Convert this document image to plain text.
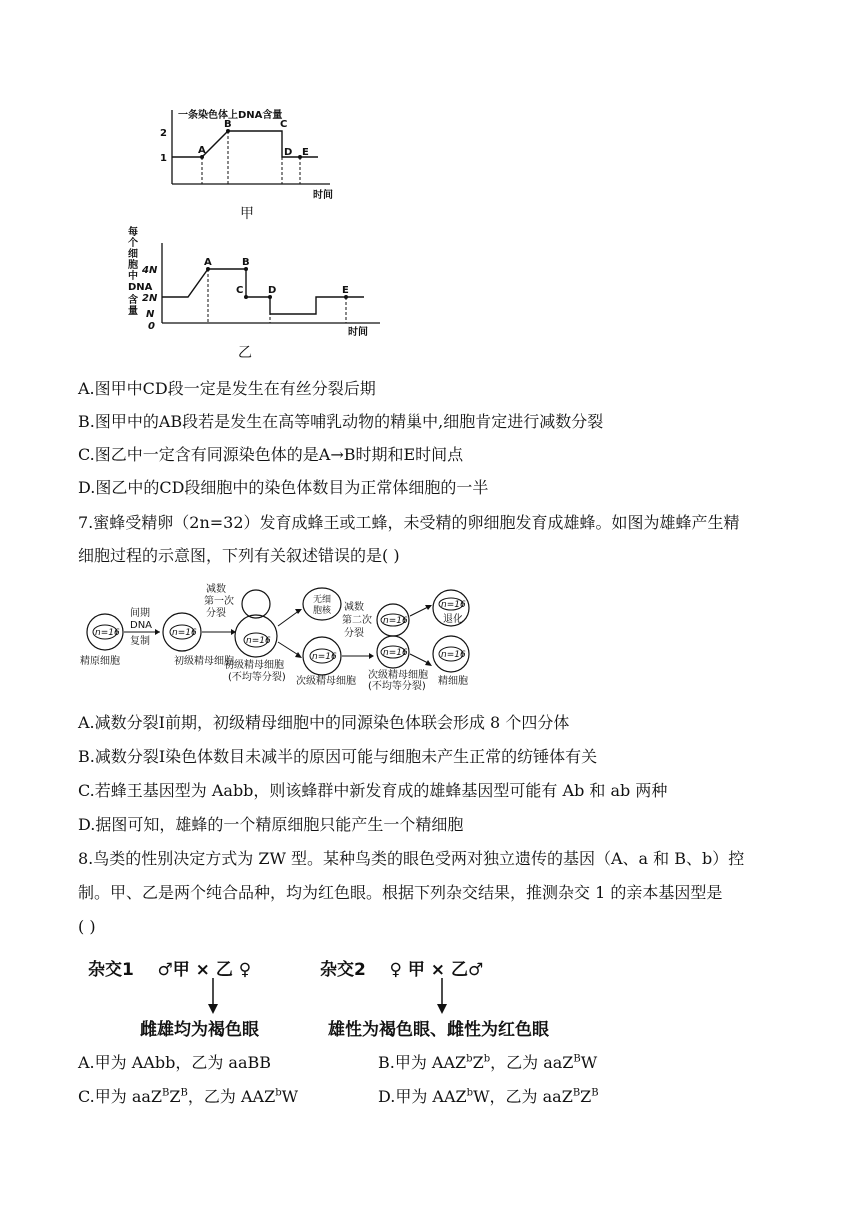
一条染色体上DNA含量
1
2
A
B	C
D E
时间
甲
每个细胞中 DNA 含量
4N
2N
N
0
A	B
C D	E
时间
乙
A.图甲中CD段一定是发生在有丝分裂后期
B.图甲中的AB段若是发生在高等哺乳动物的精巢中,细胞肯定进行减数分裂
C.图乙中一定含有同源染色体的是A→B时期和E时间点
D.图乙中的CD段细胞中的染色体数目为正常体细胞的一半
7.蜜蜂受精卵（2n=32）发育成蜂王或工蜂，未受精的卵细胞发育成雄蜂。如图为雄蜂产生精
细胞过程的示意图，下列有关叙述错误的是( )
n=16
精原细胞
间期
DNA
复制
n=16
初级精母细胞
减数
第一次
分裂
n=16
初级精母细胞
(不均等分裂)
无细
胞核
n=16
次级精母细胞
减数
第二次
分裂
n=16
n=16
次级精母细胞
(不均等分裂)
n=16
退化
n=16
精细胞
A.减数分裂Ⅰ前期，初级精母细胞中的同源染色体联会形成 8 个四分体
B.减数分裂Ⅰ染色体数目未减半的原因可能与细胞未产生正常的纺锤体有关
C.若蜂王基因型为 Aabb，则该蜂群中新发育成的雄蜂基因型可能有 Ab 和 ab 两种
D.据图可知，雄蜂的一个精原细胞只能产生一个精细胞
8.鸟类的性别决定方式为 ZW 型。某种鸟类的眼色受两对独立遗传的基因（A、a 和 B、b）控
制。甲、乙是两个纯合品种，均为红色眼。根据下列杂交结果，推测杂交 1 的亲本基因型是
( )
杂交1    ♂甲 × 乙 ♀	杂交2    ♀ 甲 × 乙♂
雌雄均为褐色眼	雄性为褐色眼、雌性为红色眼
A.甲为 AAbb，乙为 aaBB	B.甲为 $AAZ^bZ^b$，乙为 aaZ$^B$W
C.甲为 $aaZ^BZ^B$，乙为 AAZ$^b$W	D.甲为 AAZ$^b$W，乙为 $aaZ^BZ^B$
